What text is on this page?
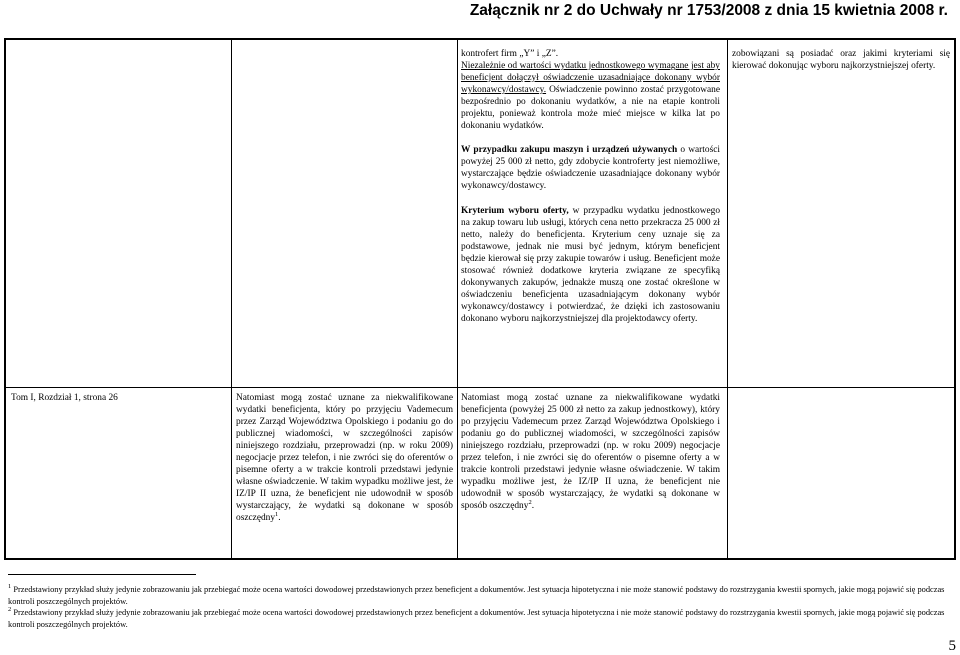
Załącznik nr 2 do Uchwały nr 1753/2008 z dnia 15 kwietnia 2008 r.

kontrofert firm „Y” i „Z”.

Niezależnie od wartości wydatku jednostkowego wymagane jest aby beneficjent dołączył oświadczenie uzasadniające dokonany wybór wykonawcy/dostawcy. Oświadczenie powinno zostać przygotowane bezpośrednio po dokonaniu wydatków, a nie na etapie kontroli projektu, ponieważ kontrola może mieć miejsce w kilka lat po dokonaniu wydatków.

W przypadku zakupu maszyn i urządzeń używanych o wartości powyżej 25 000 zł netto, gdy zdobycie kontroferty jest niemożliwe, wystarczające będzie oświadczenie uzasadniające dokonany wybór wykonawcy/dostawcy.

Kryterium wyboru oferty, w przypadku wydatku jednostkowego na zakup towaru lub usługi, których cena netto przekracza 25 000 zł netto, należy do beneficjenta. Kryterium ceny uznaje się za podstawowe, jednak nie musi być jednym, którym beneficjent będzie kierował się przy zakupie towarów i usług. Beneficjent może stosować również dodatkowe kryteria związane ze specyfiką dokonywanych zakupów, jednakże muszą one zostać określone w oświadczeniu beneficjenta uzasadniającym dokonany wybór wykonawcy/dostawcy i potwierdzać, że dzięki ich zastosowaniu dokonano wyboru najkorzystniejszej dla projektodawcy oferty.

zobowiązani są posiadać oraz jakimi kryteriami się kierować dokonując wyboru najkorzystniejszej oferty.

Tom I, Rozdział 1, strona 26	Natomiast mogą zostać uznane za niekwalifikowane wydatki beneficjenta, który po przyjęciu Vademecum przez Zarząd Województwa Opolskiego i podaniu go do publicznej wiadomości, w szczególności zapisów niniejszego rozdziału, przeprowadzi (np. w roku 2009) negocjacje przez telefon, i nie zwróci się do oferentów o pisemne oferty a w trakcie kontroli przedstawi jedynie własne oświadczenie. W takim wypadku możliwe jest, że IZ/IP II uzna, że beneficjent nie udowodnił w sposób wystarczający, że wydatki są dokonane w sposób oszczędny$^1$.

Natomiast mogą zostać uznane za niekwalifikowane wydatki beneficjenta (powyżej 25 000 zł netto za zakup jednostkowy), który po przyjęciu Vademecum przez Zarząd Województwa Opolskiego i podaniu go do publicznej wiadomości, w szczególności zapisów niniejszego rozdziału, przeprowadzi (np. w roku 2009) negocjacje przez telefon, i nie zwróci się do oferentów o pisemne oferty a w trakcie kontroli przedstawi jedynie własne oświadczenie. W takim wypadku możliwe jest, że IZ/IP II uzna, że beneficjent nie udowodnił w sposób wystarczający, że wydatki są dokonane w sposób oszczędny$^2$.

$^1$ Przedstawiony przykład służy jedynie zobrazowaniu jak przebiegać może ocena wartości dowodowej przedstawionych przez beneficjent a dokumentów. Jest sytuacja hipotetyczna i nie może stanowić podstawy do rozstrzygania kwestii spornych, jakie mogą pojawić się podczas kontroli poszczególnych projektów.
$^2$ Przedstawiony przykład służy jedynie zobrazowaniu jak przebiegać może ocena wartości dowodowej przedstawionych przez beneficjent a dokumentów. Jest sytuacja hipotetyczna i nie może stanowić podstawy do rozstrzygania kwestii spornych, jakie mogą pojawić się podczas kontroli poszczególnych projektów.
5
